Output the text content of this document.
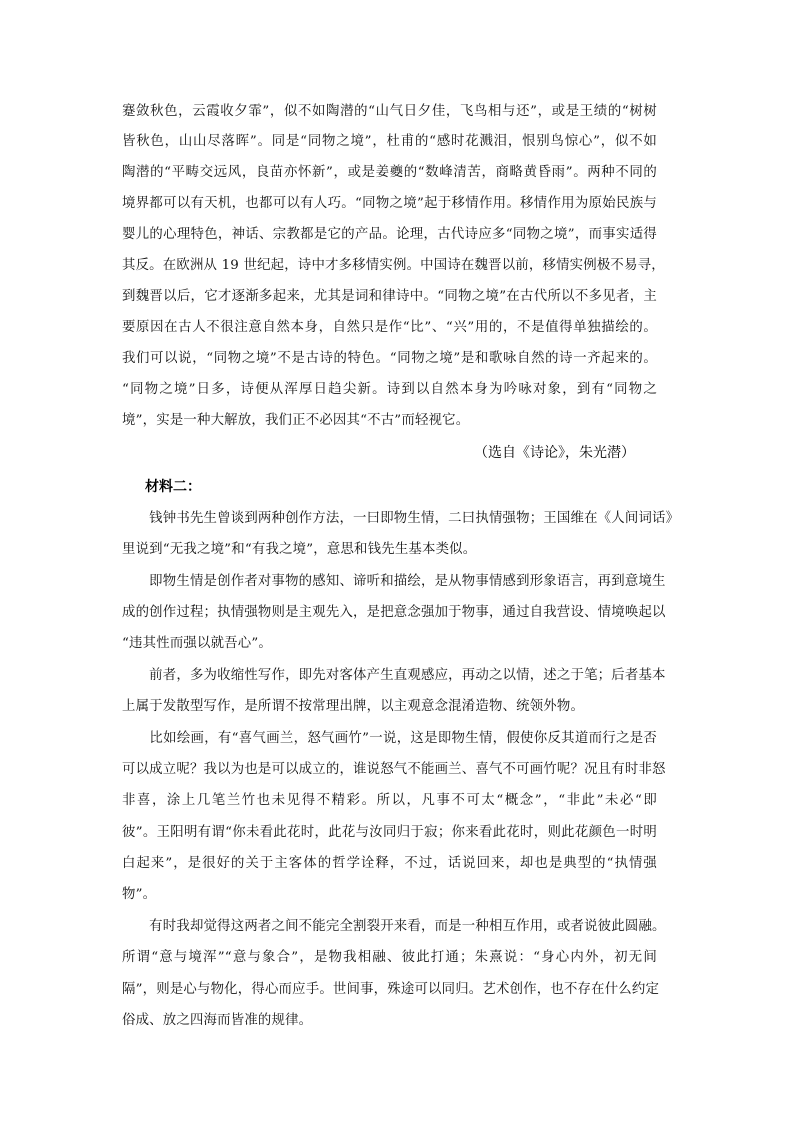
蹇敛秋色，云霞收夕霏”，似不如陶潜的“山气日夕佳，飞鸟相与还”，或是王绩的“树树
皆秋色，山山尽落晖”。同是“同物之境”，杜甫的“感时花溅泪，恨别鸟惊心”，似不如
陶潜的“平畴交远风，良苗亦怀新”，或是姜夔的“数峰清苦，商略黄昏雨”。两种不同的
境界都可以有天机，也都可以有人巧。“同物之境”起于移情作用。移情作用为原始民族与
婴儿的心理特色，神话、宗教都是它的产品。论理，古代诗应多“同物之境”，而事实适得
其反。在欧洲从 19 世纪起，诗中才多移情实例。中国诗在魏晋以前，移情实例极不易寻，
到魏晋以后，它才逐渐多起来，尤其是词和律诗中。“同物之境”在古代所以不多见者，主
要原因在古人不很注意自然本身，自然只是作“比”、“兴”用的，不是值得单独描绘的。
我们可以说，“同物之境”不是古诗的特色。“同物之境”是和歌咏自然的诗一齐起来的。
“同物之境”日多，诗便从浑厚日趋尖新。诗到以自然本身为吟咏对象，到有“同物之
境”，实是一种大解放，我们正不必因其“不古”而轻视它。
（选自《诗论》，朱光潜）
材料二：
　　钱钟书先生曾谈到两种创作方法，一曰即物生情，二曰执情强物；王国维在《人间词话》
里说到“无我之境”和“有我之境”，意思和钱先生基本类似。
　　即物生情是创作者对事物的感知、谛听和描绘，是从物事情感到形象语言，再到意境生
成的创作过程；执情强物则是主观先入，是把意念强加于物事，通过自我营设、情境唤起以
“违其性而强以就吾心”。
　　前者，多为收缩性写作，即先对客体产生直观感应，再动之以情，述之于笔；后者基本
上属于发散型写作，是所谓不按常理出牌，以主观意念混淆造物、统领外物。
　　比如绘画，有“喜气画兰，怒气画竹”一说，这是即物生情，假使你反其道而行之是否
可以成立呢？我以为也是可以成立的，谁说怒气不能画兰、喜气不可画竹呢？况且有时非怒
非喜，涂上几笔兰竹也未见得不精彩。所以，凡事不可太“概念”，“非此”未必“即
彼”。王阳明有谓“你未看此花时，此花与汝同归于寂；你来看此花时，则此花颜色一时明
白起来”，是很好的关于主客体的哲学诠释，不过，话说回来，却也是典型的“执情强
物”。
　　有时我却觉得这两者之间不能完全割裂开来看，而是一种相互作用，或者说彼此圆融。
所谓“意与境浑”“意与象合”，是物我相融、彼此打通；朱熹说：“身心内外，初无间
隔”，则是心与物化，得心而应手。世间事，殊途可以同归。艺术创作，也不存在什么约定
俗成、放之四海而皆准的规律。
